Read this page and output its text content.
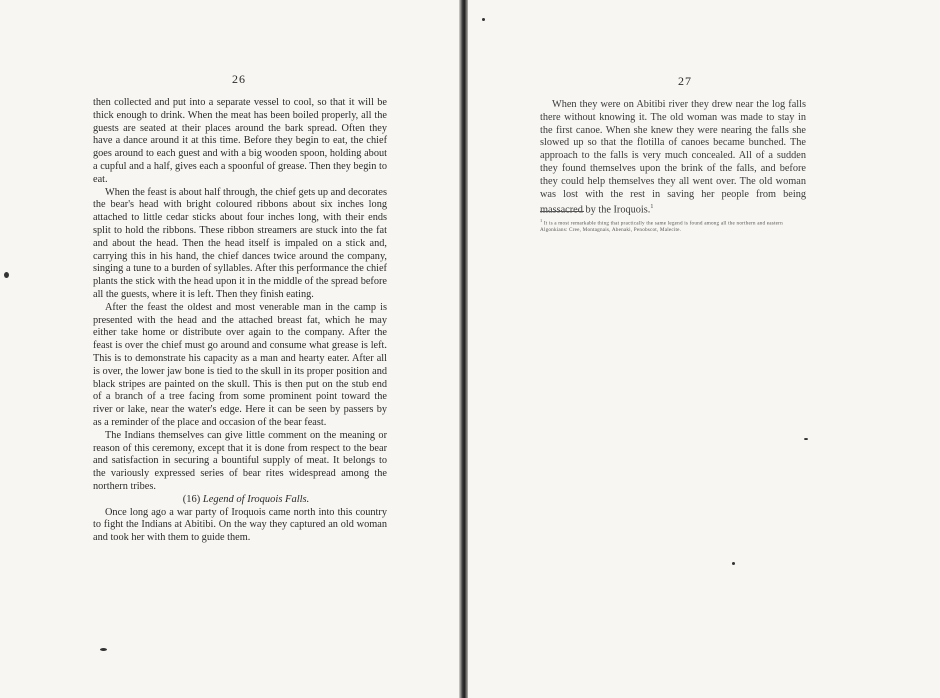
26

then collected and put into a separate vessel to cool, so that it will be thick enough to drink. When the meat has been boiled properly, all the guests are seated at their places around the bark spread. Often they have a dance around it at this time. Before they begin to eat, the chief goes around to each guest and with a big wooden spoon, holding about a cupful and a half, gives each a spoonful of grease. Then they begin to eat.

When the feast is about half through, the chief gets up and decorates the bear's head with bright coloured ribbons about six inches long attached to little cedar sticks about four inches long, with their ends split to hold the ribbons. These ribbon streamers are stuck into the fat and about the head. Then the head itself is impaled on a stick and, carrying this in his hand, the chief dances twice around the company, singing a tune to a burden of syllables. After this performance the chief plants the stick with the head upon it in the middle of the spread before all the guests, where it is left. Then they finish eating.

After the feast the oldest and most venerable man in the camp is presented with the head and the attached breast fat, which he may either take home or distribute over again to the company. After the feast is over the chief must go around and consume what grease is left. This is to demonstrate his capacity as a man and hearty eater. After all is over, the lower jaw bone is tied to the skull in its proper position and black stripes are painted on the skull. This is then put on the stub end of a branch of a tree facing from some prominent point toward the river or lake, near the water's edge. Here it can be seen by passers by as a reminder of the place and occasion of the bear feast.

The Indians themselves can give little comment on the meaning or reason of this ceremony, except that it is done from respect to the bear and satisfaction in securing a bountiful supply of meat. It belongs to the variously expressed series of bear rites widespread among the northern tribes.

(16) Legend of Iroquois Falls.

Once long ago a war party of Iroquois came north into this country to fight the Indians at Abitibi. On the way they captured an old woman and took her with them to guide them.

27

When they were on Abitibi river they drew near the log falls there without knowing it. The old woman was made to stay in the first canoe. When she knew they were nearing the falls she slowed up so that the flotilla of canoes became bunched. The approach to the falls is very much concealed. All of a sudden they found themselves upon the brink of the falls, and before they could help themselves they all went over. The old woman was lost with the rest in saving her people from being massacred by the Iroquois.$^1$

$^1$ It is a most remarkable thing that practically the same legend is found among all the northern and eastern Algonkians: Cree, Montagnais, Abenaki, Penobscot, Malecite.
